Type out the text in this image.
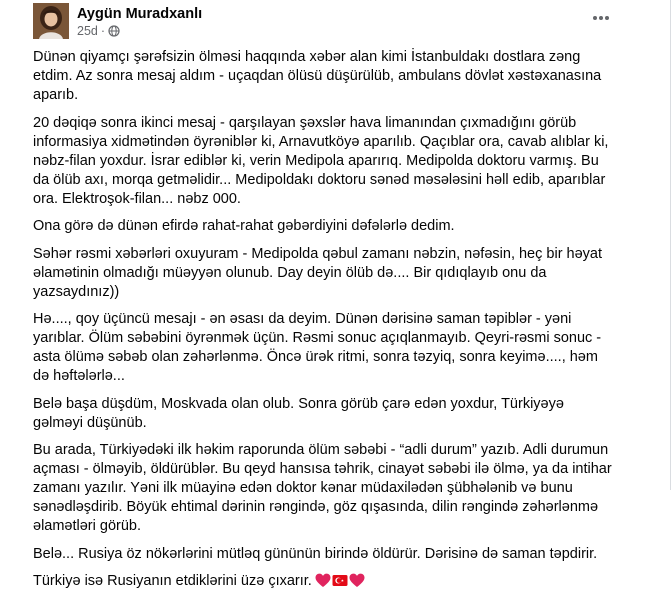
Aygün Muradxanlı
25d ·

Dünən qiyamçı şərəfsizin ölməsi haqqında xəbər alan kimi İstanbuldakı dostlara zəng etdim. Az sonra mesaj aldım - uçaqdan ölüsü düşürülüb, ambulans dövlət xəstəxanasına aparıb.

20 dəqiqə sonra ikinci mesaj - qarşılayan şəxslər hava limanından çıxmadığını görüb informasiya xidmətindən öyrəniblər ki, Arnavutköyə aparılıb. Qaçıblar ora, cavab alıblar ki, nəbz-filan yoxdur. İsrar ediblər ki, verin Medipola aparırıq. Medipolda doktoru varmış. Bu da ölüb axı, morqa getməlidir... Medipoldakı doktoru sənəd məsələsini həll edib, aparıblar ora. Elektroşok-filan... nəbz 000.

Ona görə də dünən efirdə rahat-rahat gəbərdiyini dəfələrlə dedim.

Səhər rəsmi xəbərləri oxuyuram - Medipolda qəbul zamanı nəbzin, nəfəsin, heç bir həyat əlamətinin olmadığı müəyyən olunub. Day deyin ölüb də.... Bir qıdıqlayıb onu da yazsaydınız))

Hə...., qoy üçüncü mesajı - ən əsası da deyim. Dünən dərisinə saman təpiblər - yəni yarıblar. Ölüm səbəbini öyrənmək üçün. Rəsmi sonuc açıqlanmayıb. Qeyri-rəsmi sonuc - asta ölümə səbəb olan zəhərlənmə. Öncə ürək ritmi, sonra təzyiq, sonra keyimə...., həm də həftələrlə...

Belə başa düşdüm, Moskvada olan olub. Sonra görüb çarə edən yoxdur, Türkiyəyə gəlməyi düşünüb.

Bu arada, Türkiyədəki ilk həkim raporunda ölüm səbəbi - “adli durum” yazıb. Adli durumun açması - ölməyib, öldürüblər. Bu qeyd hansısa təhrik, cinayət səbəbi ilə ölmə, ya da intihar zamanı yazılır. Yəni ilk müayinə edən doktor kənar müdaxilədən şübhələnib və bunu sənədləşdirib. Böyük ehtimal dərinin rəngində, göz qışasında, dilin rəngində zəhərlənmə əlamətləri görüb.

Belə... Rusiya öz nökərlərini mütləq gününün birində öldürür. Dərisinə də saman təpdirir.

Türkiyə isə Rusiyanın etdiklərini üzə çıxarır.
